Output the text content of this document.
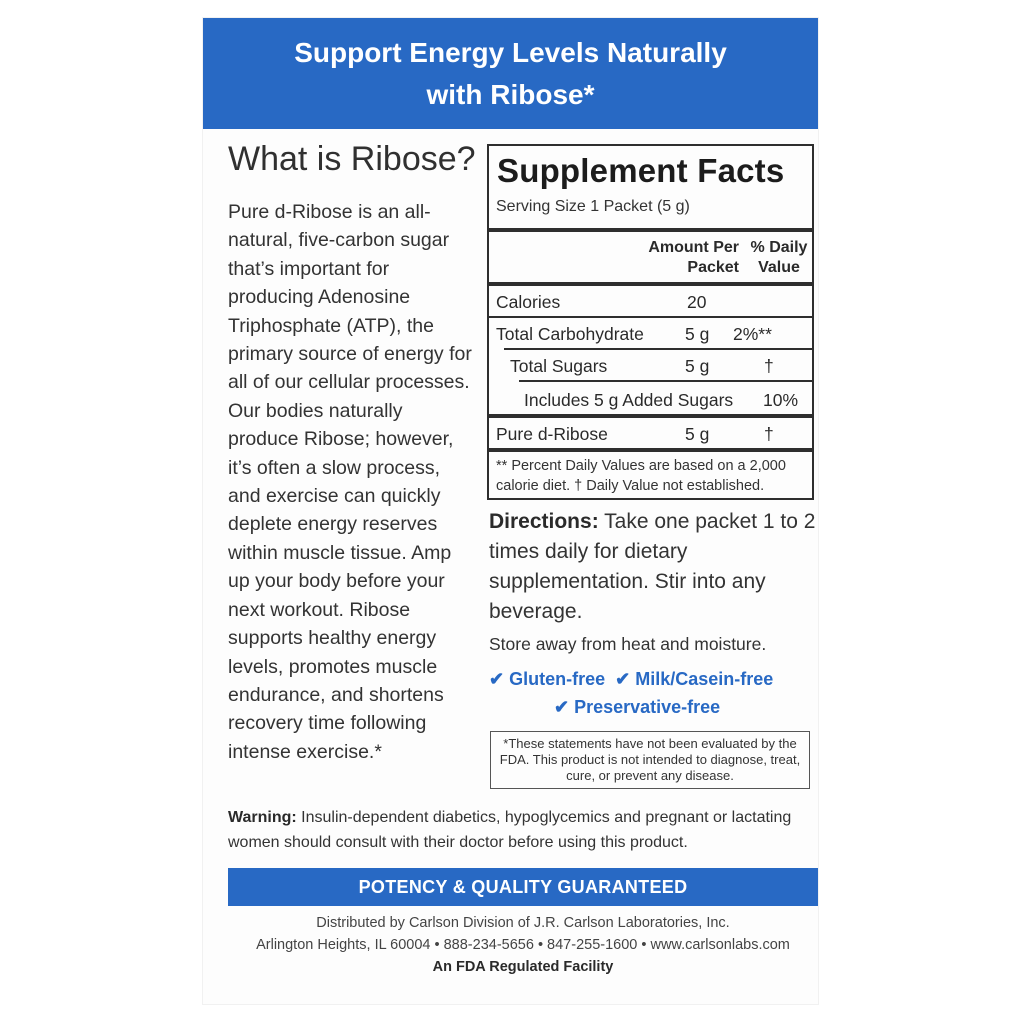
Support Energy Levels Naturally
with Ribose*
What is Ribose?
Pure d-Ribose is an all-natural, five-carbon sugar that’s important for producing Adenosine Triphosphate (ATP), the primary source of energy for all of our cellular processes. Our bodies naturally produce Ribose; however, it’s often a slow process, and exercise can quickly deplete energy reserves within muscle tissue. Amp up your body before your next workout. Ribose supports healthy energy levels, promotes muscle endurance, and shortens recovery time following intense exercise.*
Supplement Facts
Serving Size 1 Packet (5 g)
Amount Per
Packet
% Daily
Value
Calories	20
Total Carbohydrate 5 g 2%**
Total Sugars	5 g	†
Includes 5 g Added Sugars 10%
Pure d-Ribose	5 g	†
** Percent Daily Values are based on a 2,000 calorie diet. † Daily Value not established.
Directions: Take one packet 1 to 2 times daily for dietary supplementation. Stir into any beverage.
Store away from heat and moisture.
✔ Gluten-free ✔ Milk/Casein-free
✔ Preservative-free
*These statements have not been evaluated by the FDA. This product is not intended to diagnose, treat, cure, or prevent any disease.
Warning: Insulin-dependent diabetics, hypoglycemics and pregnant or lactating women should consult with their doctor before using this product.
POTENCY & QUALITY GUARANTEED
Distributed by Carlson Division of J.R. Carlson Laboratories, Inc.
Arlington Heights, IL 60004 • 888-234-5656 • 847-255-1600 • www.carlsonlabs.com
An FDA Regulated Facility
